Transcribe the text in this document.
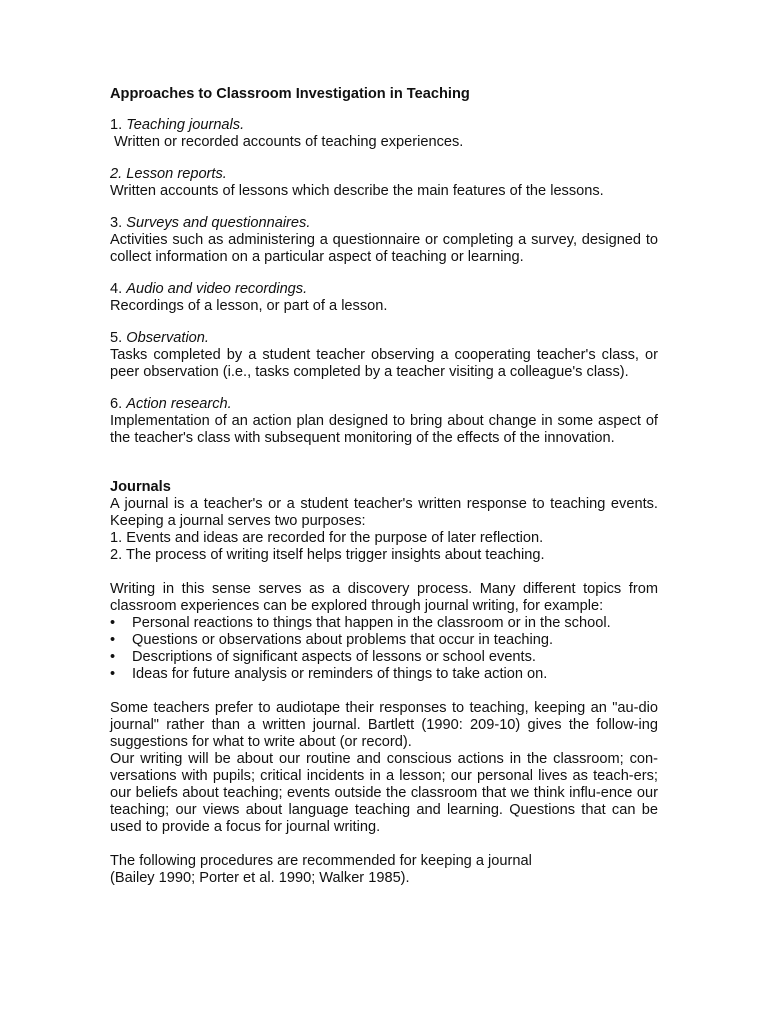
Approaches to Classroom Investigation in Teaching
1. Teaching journals.
Written or recorded accounts of teaching experiences.
2. Lesson reports.
Written accounts of lessons which describe the main features of the lessons.
3. Surveys and questionnaires.
Activities such as administering a questionnaire or completing a survey, designed to collect information on a particular aspect of teaching or learning.
4. Audio and video recordings.
Recordings of a lesson, or part of a lesson.
5. Observation.
Tasks completed by a student teacher observing a cooperating teacher's class, or peer observation (i.e., tasks completed by a teacher visiting a colleague's class).
6. Action research.
Implementation of an action plan designed to bring about change in some aspect of the teacher's class with subsequent monitoring of the effects of the innovation.
Journals

A journal is a teacher's or a student teacher's written response to teaching events. Keeping a journal serves two purposes:

1. Events and ideas are recorded for the purpose of later reflection.
2. The process of writing itself helps trigger insights about teaching.

Writing in this sense serves as a discovery process. Many different topics from classroom experiences can be explored through journal writing, for example:

• Personal reactions to things that happen in the classroom or in the school.
• Questions or observations about problems that occur in teaching.
• Descriptions of significant aspects of lessons or school events.
• Ideas for future analysis or reminders of things to take action on.

Some teachers prefer to audiotape their responses to teaching, keeping an "au-dio journal" rather than a written journal. Bartlett (1990: 209-10) gives the follow-ing suggestions for what to write about (or record).

Our writing will be about our routine and conscious actions in the classroom; con-versations with pupils; critical incidents in a lesson; our personal lives as teach-ers; our beliefs about teaching; events outside the classroom that we think influ-ence our teaching; our views about language teaching and learning. Questions that can be used to provide a focus for journal writing.

The following procedures are recommended for keeping a journal
(Bailey 1990; Porter et al. 1990; Walker 1985).
